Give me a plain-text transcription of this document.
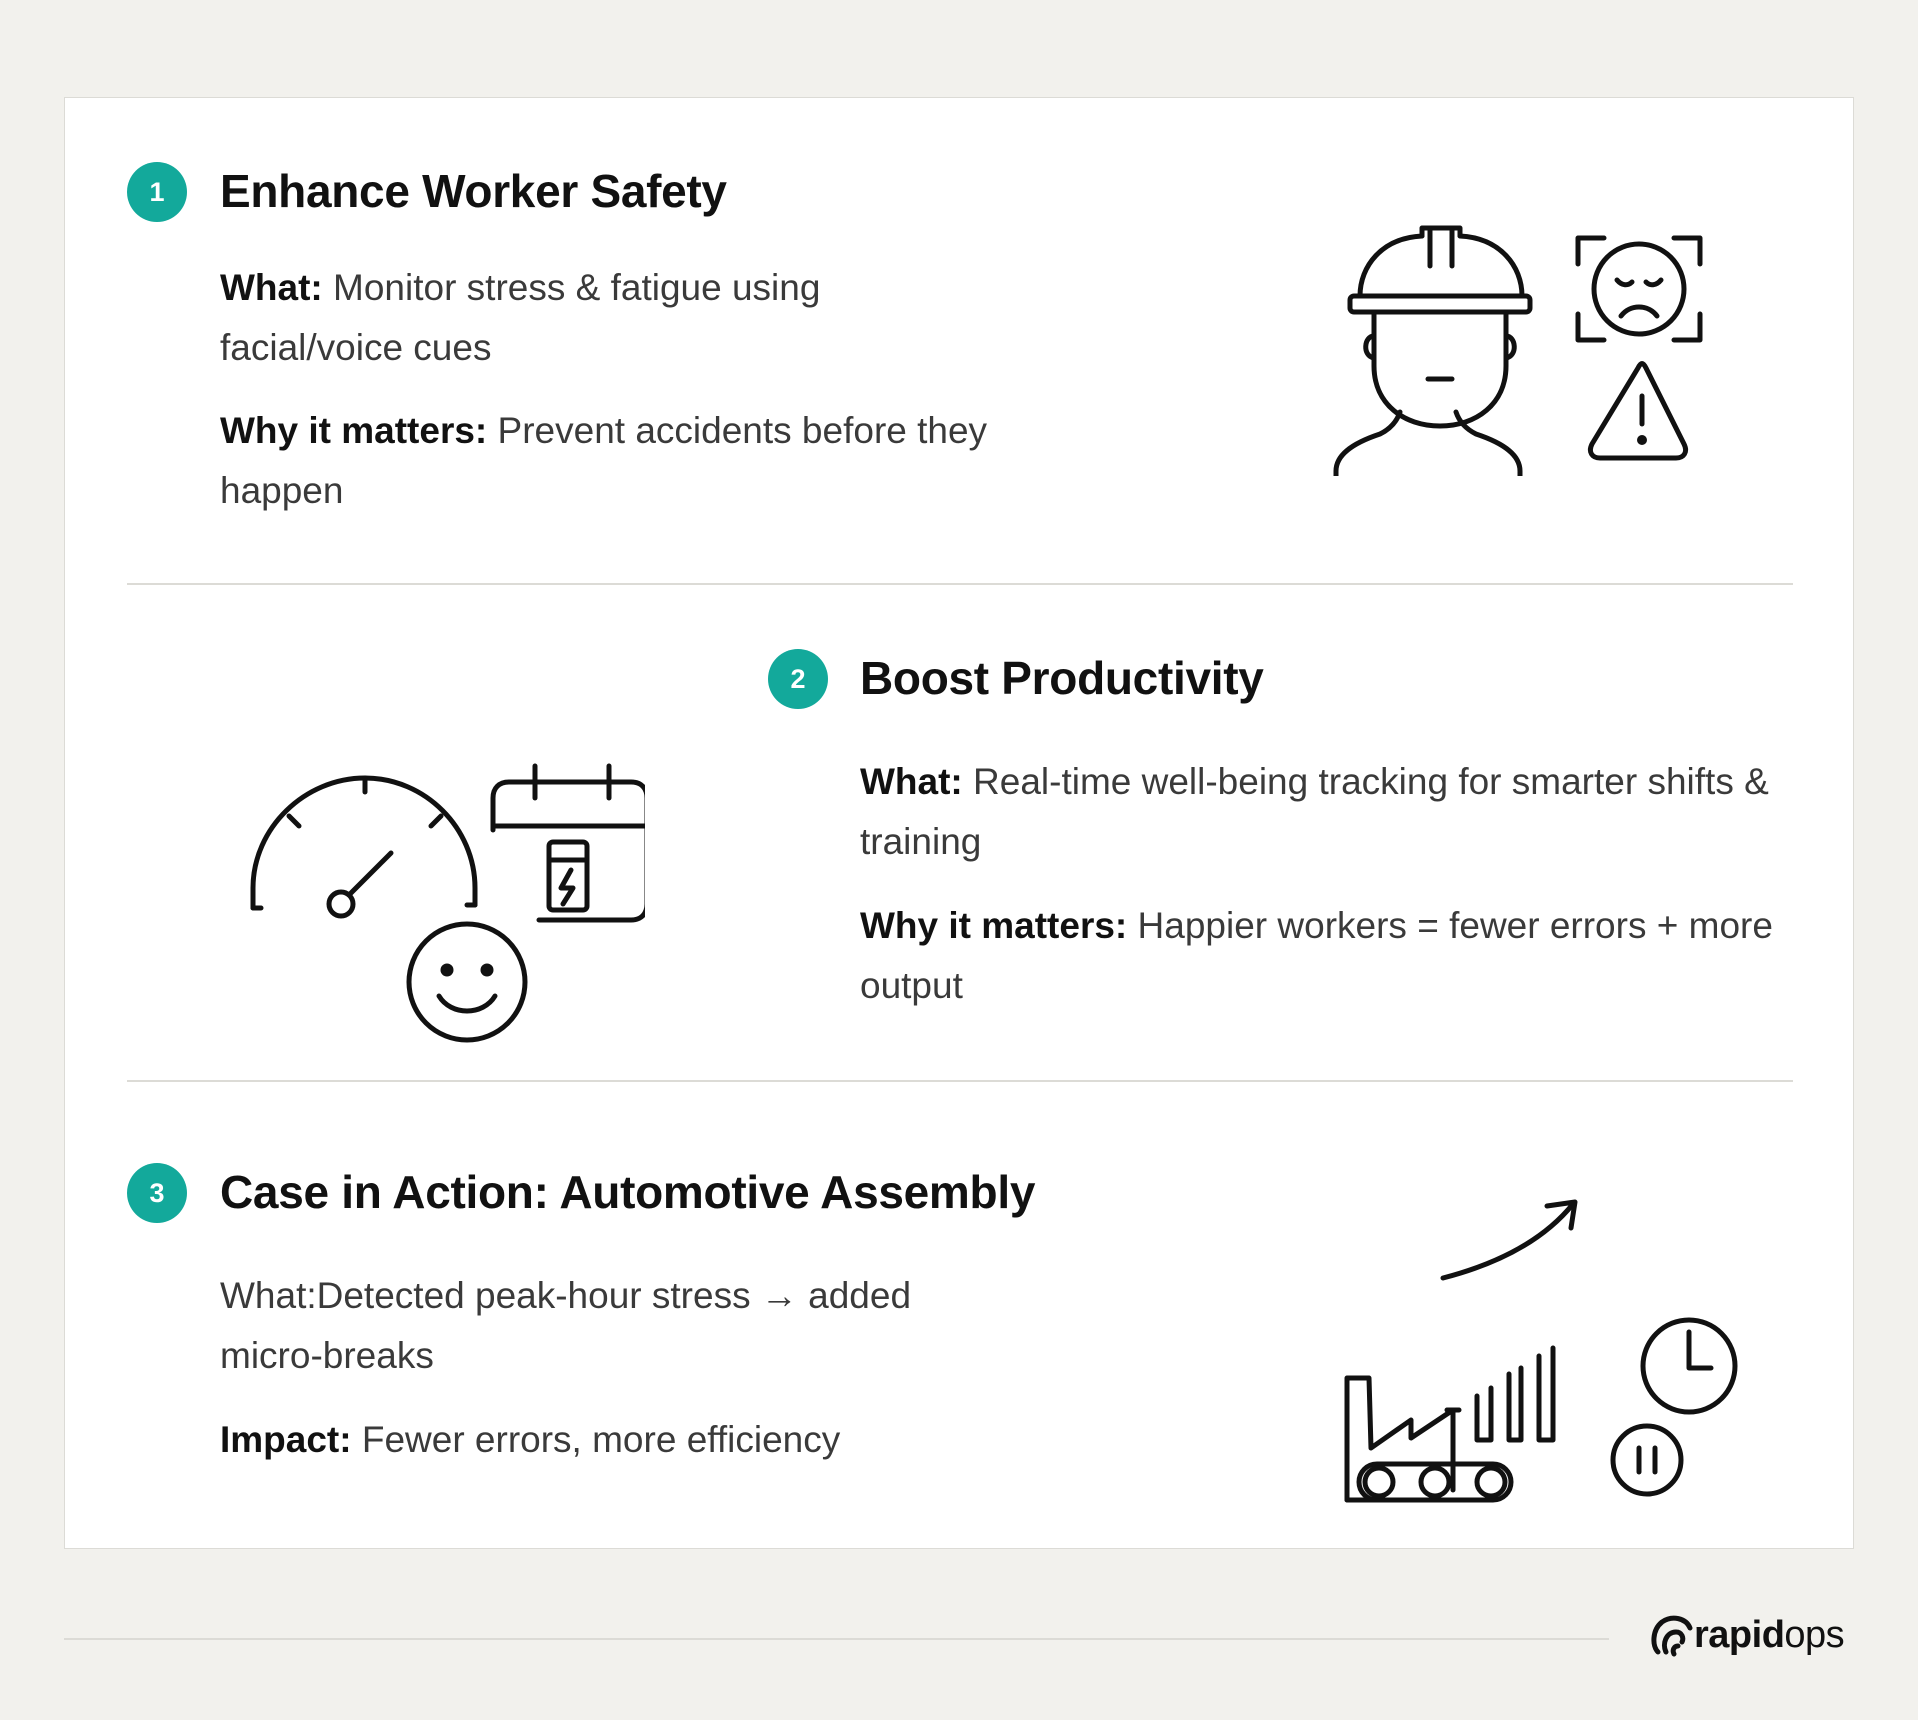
1	Enhance Worker Safety
What: Monitor stress & fatigue using facial/voice cues
Why it matters: Prevent accidents before they happen
2	Boost Productivity
What: Real-time well-being tracking for smarter shifts & training
Why it matters: Happier workers = fewer errors + more output
3	Case in Action: Automotive Assembly
What:Detected peak-hour stress → added micro-breaks
Impact: Fewer errors, more efficiency
rapidops
